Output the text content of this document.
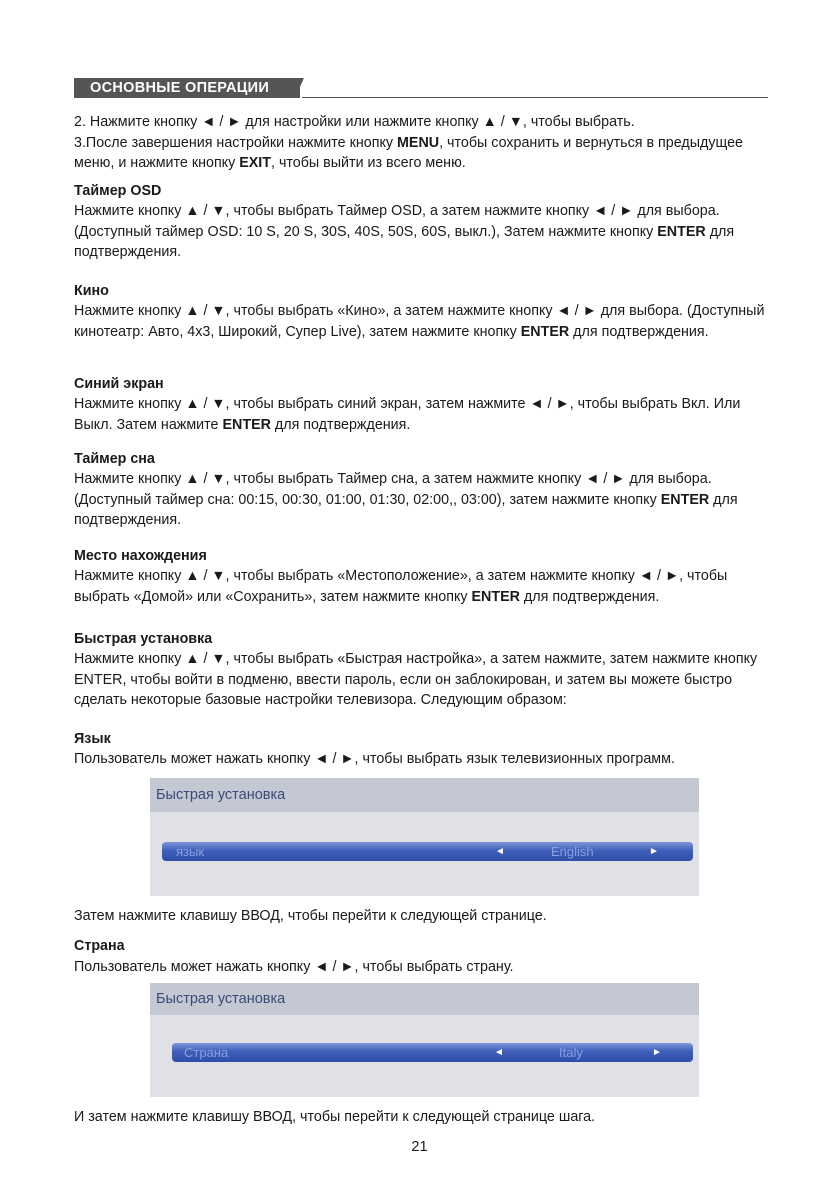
ОСНОВНЫЕ ОПЕРАЦИИ

2. Нажмите кнопку ◄ / ► для настройки или нажмите кнопку ▲ / ▼, чтобы выбрать.

3.После завершения настройки нажмите кнопку MENU, чтобы сохранить и вернуться в предыдущее меню, и нажмите кнопку EXIT, чтобы выйти из всего меню.

Таймер OSD

Нажмите кнопку ▲ / ▼, чтобы выбрать Таймер OSD, а затем нажмите кнопку ◄ / ► для выбора. (Доступный таймер OSD: 10 S, 20 S, 30S, 40S, 50S, 60S, выкл.), Затем нажмите кнопку ENTER для подтверждения.

Кино

Нажмите кнопку ▲ / ▼, чтобы выбрать «Кино», а затем нажмите кнопку ◄ / ► для выбора. (Доступный кинотеатр: Авто, 4x3, Широкий, Супер Live), затем нажмите кнопку ENTER для подтверждения.

Синий экран

Нажмите кнопку ▲ / ▼, чтобы выбрать синий экран, затем нажмите ◄ / ►, чтобы выбрать Вкл. Или Выкл. Затем нажмите ENTER для подтверждения.

Таймер сна

Нажмите кнопку ▲ / ▼, чтобы выбрать Таймер сна, а затем нажмите кнопку ◄ / ► для выбора. (Доступный таймер сна: 00:15, 00:30, 01:00, 01:30, 02:00,, 03:00), затем нажмите кнопку ENTER для подтверждения.

Место нахождения

Нажмите кнопку ▲ / ▼, чтобы выбрать «Местоположение», а затем нажмите кнопку ◄ / ►, чтобы выбрать «Домой» или «Сохранить», затем нажмите кнопку ENTER для подтверждения.

Быстрая установка

Нажмите кнопку ▲ / ▼, чтобы выбрать «Быстрая настройка», а затем нажмите, затем нажмите кнопку ENTER, чтобы войти в подменю, ввести пароль, если он заблокирован, и затем вы можете быстро сделать некоторые базовые настройки телевизора. Следующим образом:

Язык

Пользователь может нажать кнопку ◄ / ►, чтобы выбрать язык телевизионных программ.

Быстрая установка
язык	◄	English	►

Затем нажмите клавишу ВВОД, чтобы перейти к следующей странице.

Страна

Пользователь может нажать кнопку ◄ / ►, чтобы выбрать страну.

Быстрая установка
Страна	◄	Italy	►

И затем нажмите клавишу ВВОД, чтобы перейти к следующей странице шага.

21
